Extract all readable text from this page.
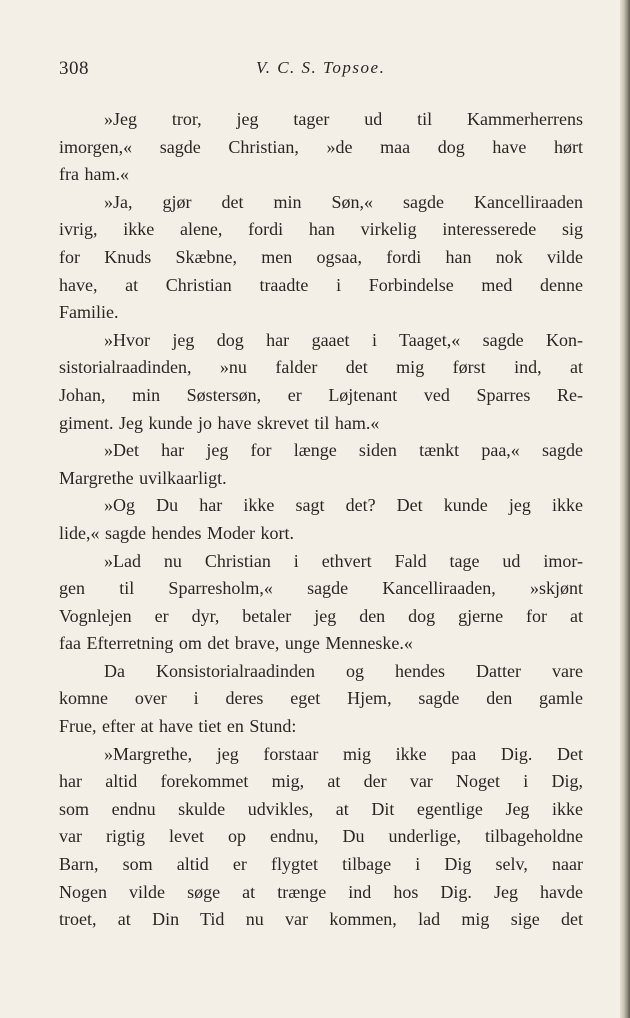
308	V. C. S. Topsoe.
»Jeg tror, jeg tager ud til Kammerherrens
imorgen,« sagde Christian, »de maa dog have hørt
fra ham.«
»Ja, gjør det min Søn,« sagde Kancelliraaden
ivrig, ikke alene, fordi han virkelig interesserede sig
for Knuds Skæbne, men ogsaa, fordi han nok vilde
have, at Christian traadte i Forbindelse med denne
Familie.
»Hvor jeg dog har gaaet i Taaget,« sagde Kon-
sistorialraadinden, »nu falder det mig først ind, at
Johan, min Søstersøn, er Løjtenant ved Sparres Re-
giment. Jeg kunde jo have skrevet til ham.«
»Det har jeg for længe siden tænkt paa,« sagde
Margrethe uvilkaarligt.
»Og Du har ikke sagt det? Det kunde jeg ikke
lide,« sagde hendes Moder kort.
»Lad nu Christian i ethvert Fald tage ud imor-
gen til Sparresholm,« sagde Kancelliraaden, »skjønt
Vognlejen er dyr, betaler jeg den dog gjerne for at
faa Efterretning om det brave, unge Menneske.«
Da Konsistorialraadinden og hendes Datter vare
komne over i deres eget Hjem, sagde den gamle
Frue, efter at have tiet en Stund:
»Margrethe, jeg forstaar mig ikke paa Dig. Det
har altid forekommet mig, at der var Noget i Dig,
som endnu skulde udvikles, at Dit egentlige Jeg ikke
var rigtig levet op endnu, Du underlige, tilbageholdne
Barn, som altid er flygtet tilbage i Dig selv, naar
Nogen vilde søge at trænge ind hos Dig. Jeg havde
troet, at Din Tid nu var kommen, lad mig sige det
